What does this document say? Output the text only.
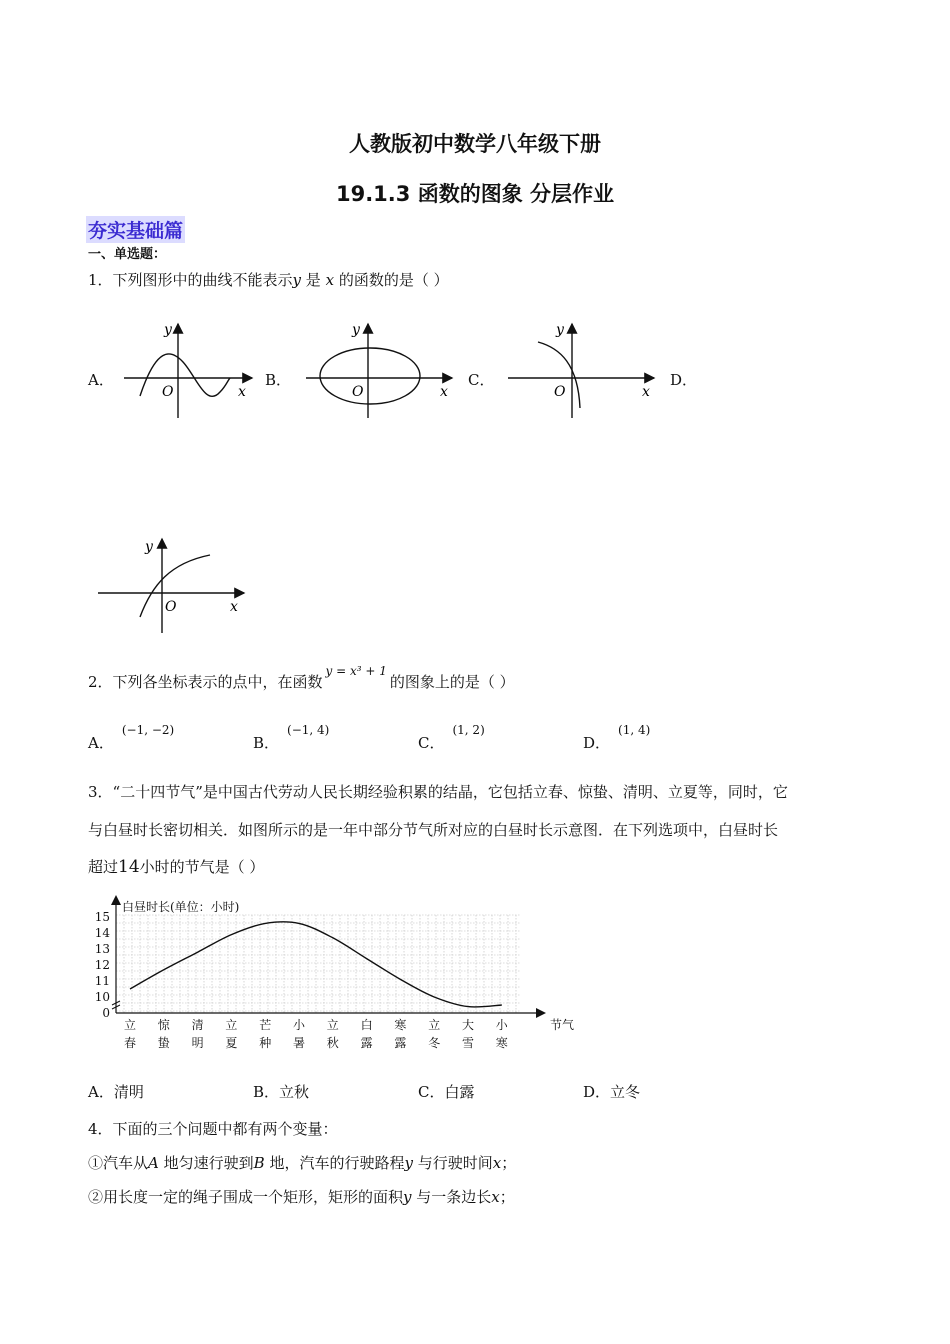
人教版初中数学八年级下册
19.1.3 函数的图象 分层作业
夯实基础篇
一、单选题：
1．下列图形中的曲线不能表示y 是 x 的函数的是（ ）
A．
y
x
O
B．
y
x
O
C．
y
x
O
D．
y
x
O
2．下列各坐标表示的点中，在函数$^{y = x^3 + 1}$的图象上的是（ ）
A．$^{(-1, -2)}$
B．$^{(-1, 4)}$
C．$^{(1, 2)}$
D．$^{(1, 4)}$
3．“二十四节气”是中国古代劳动人民长期经验积累的结晶，它包括立春、惊蛰、清明、立夏等，同时，它
与白昼时长密切相关．如图所示的是一年中部分节气所对应的白昼时长示意图．在下列选项中，白昼时长
超过14小时的节气是（ ）
15
14
13
12
11
10
0
白昼时长(单位：小时)
节气
立
春
惊
蛰
清
明
立
夏
芒
种
小
暑
立
秋
白
露
寒
露
立
冬
大
雪
小
寒
A．清明	B．立秋	C．白露	D．立冬
4．下面的三个问题中都有两个变量：
①汽车从A 地匀速行驶到B 地，汽车的行驶路程y 与行驶时间x；
②用长度一定的绳子围成一个矩形，矩形的面积y 与一条边长x；
